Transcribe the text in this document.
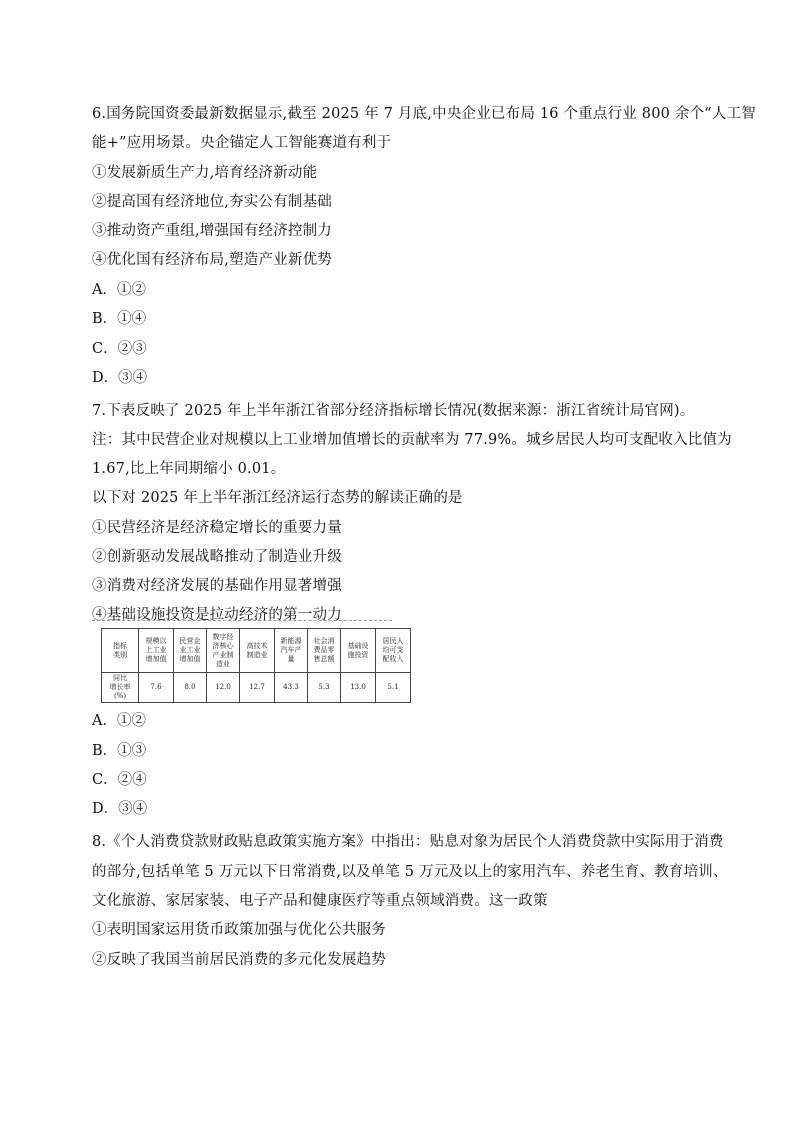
6.国务院国资委最新数据显示,截至 2025 年 7 月底,中央企业已布局 16 个重点行业 800 余个“人工智
能+”应用场景。央企锚定人工智能赛道有利于
①发展新质生产力,培育经济新动能
②提高国有经济地位,夯实公有制基础
③推动资产重组,增强国有经济控制力
④优化国有经济布局,塑造产业新优势
A．①②
B．①④
C．②③
D．③④
7.下表反映了 2025 年上半年浙江省部分经济指标增长情况(数据来源：浙江省统计局官网)。
注：其中民营企业对规模以上工业增加值增长的贡献率为 77.9%。城乡居民人均可支配收入比值为
1.67,比上年同期缩小 0.01。
以下对 2025 年上半年浙江经济运行态势的解读正确的是
①民营经济是经济稳定增长的重要力量
②创新驱动发展战略推动了制造业升级
③消费对经济发展的基础作用显著增强
④基础设施投资是拉动经济的第一动力
指标
类别	规模以
上工业
增加值	民营企
业工业
增加值	数字经
济核心
产业制
造业	高技术
制造业	新能源
汽车产
量	社会消
费品零
售总额	基础设
施投资	居民人
均可支
配收入
同比
增长率
(%)	7.6	8.0	12.0	12.7	43.3	5.3	13.0	5.1
A．①②
B．①③
C．②④
D．③④
8.《个人消费贷款财政贴息政策实施方案》中指出：贴息对象为居民个人消费贷款中实际用于消费
的部分,包括单笔 5 万元以下日常消费,以及单笔 5 万元及以上的家用汽车、养老生育、教育培训、
文化旅游、家居家装、电子产品和健康医疗等重点领域消费。这一政策
①表明国家运用货币政策加强与优化公共服务
②反映了我国当前居民消费的多元化发展趋势
